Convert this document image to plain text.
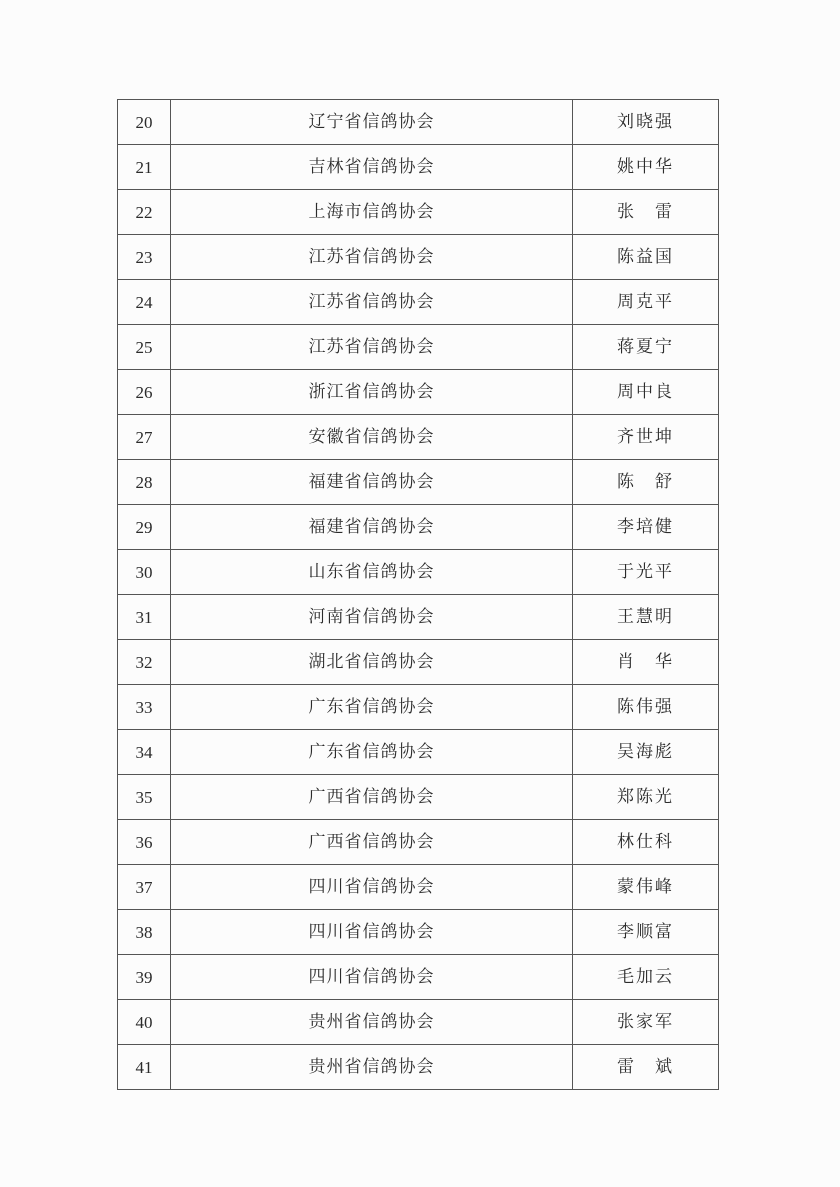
20	辽宁省信鸽协会	刘晓强
21	吉林省信鸽协会	姚中华
22	上海市信鸽协会	张　雷
23	江苏省信鸽协会	陈益国
24	江苏省信鸽协会	周克平
25	江苏省信鸽协会	蒋夏宁
26	浙江省信鸽协会	周中良
27	安徽省信鸽协会	齐世坤
28	福建省信鸽协会	陈　舒
29	福建省信鸽协会	李培健
30	山东省信鸽协会	于光平
31	河南省信鸽协会	王慧明
32	湖北省信鸽协会	肖　华
33	广东省信鸽协会	陈伟强
34	广东省信鸽协会	吴海彪
35	广西省信鸽协会	郑陈光
36	广西省信鸽协会	林仕科
37	四川省信鸽协会	蒙伟峰
38	四川省信鸽协会	李顺富
39	四川省信鸽协会	毛加云
40	贵州省信鸽协会	张家军
41	贵州省信鸽协会	雷　斌
